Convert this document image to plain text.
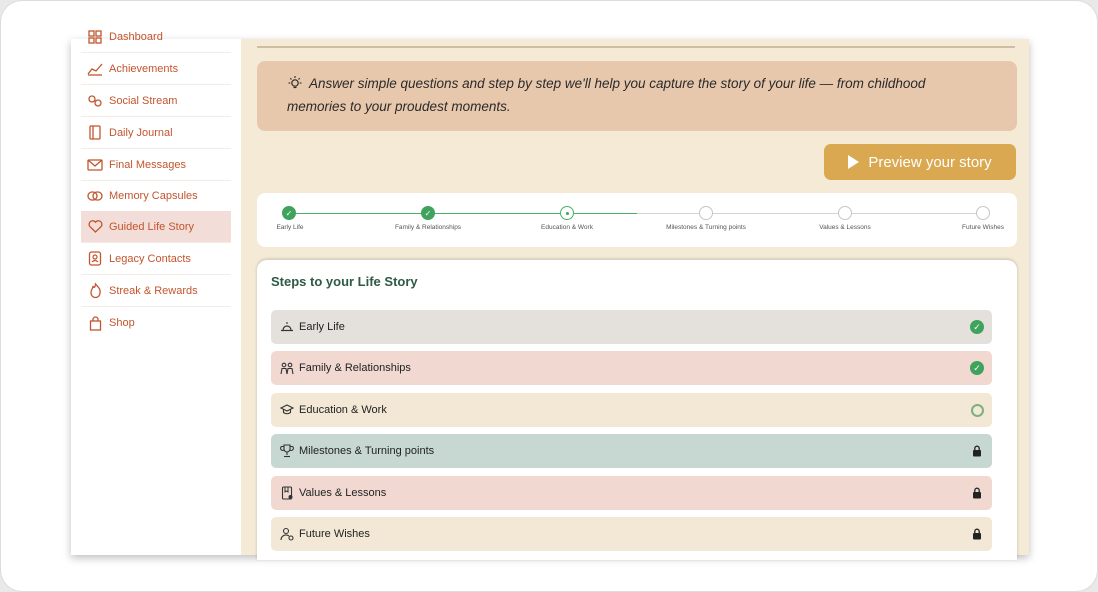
Dashboard
Achievements
Social Stream
Daily Journal
Final Messages
Memory Capsules
Guided Life Story
Legacy Contacts
Streak & Rewards
Shop
Answer simple questions and step by step we'll help you capture the story of your life — from childhood memories to your proudest moments.
Preview your story
✓	✓
Early Life	Family & Relationships	Education & Work	Milestones & Turning points	Values & Lessons	Future Wishes
Steps to your Life Story
Early Life	✓
Family & Relationships	✓
Education & Work
Milestones & Turning points
Values & Lessons
Future Wishes
